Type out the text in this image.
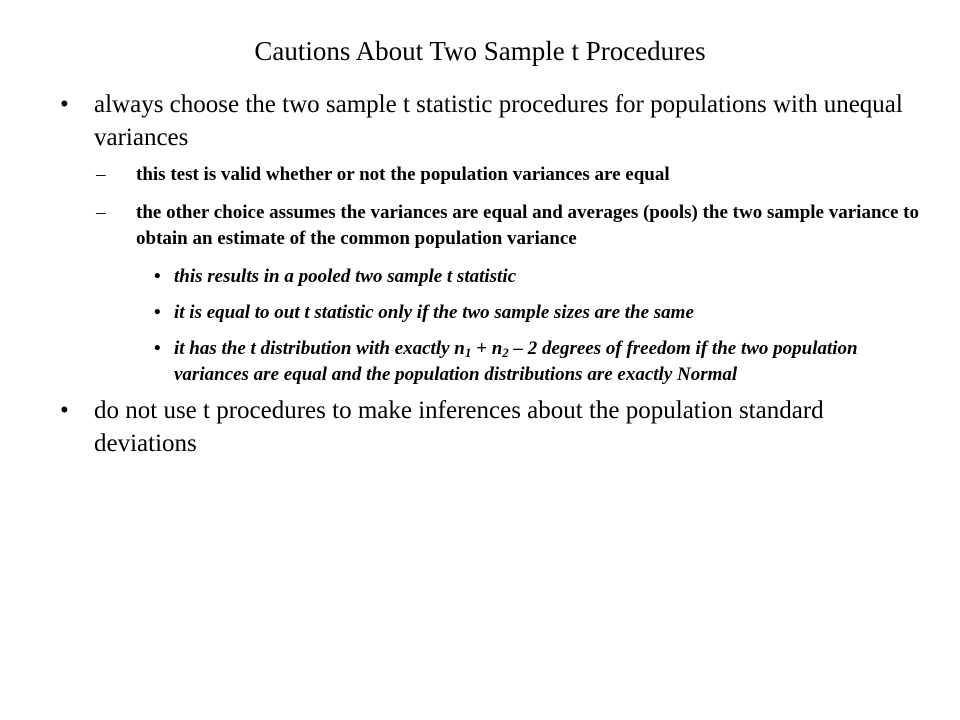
Cautions About Two Sample t Procedures
• always choose the two sample t statistic procedures for populations with unequal variances
– this test is valid whether or not the population variances are equal
– the other choice assumes the variances are equal and averages (pools) the two sample variance to obtain an estimate of the common population variance
• this results in a pooled two sample t statistic
• it is equal to out t statistic only if the two sample sizes are the same
• it has the t distribution with exactly $n_1 + n_2 - 2$ degrees of freedom if the two population variances are equal and the population distributions are exactly Normal
• do not use t procedures to make inferences about the population standard deviations
